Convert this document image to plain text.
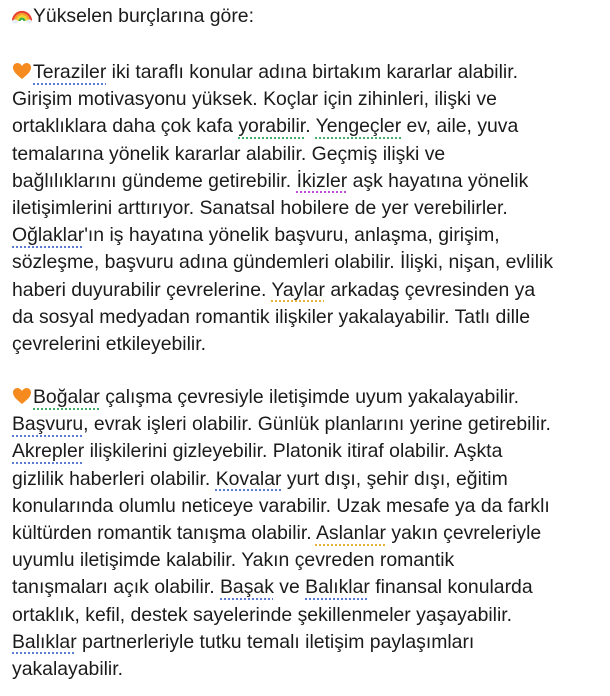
Yükselen burçlarına göre:
Teraziler iki taraflı konular adına birtakım kararlar alabilir.
Girişim motivasyonu yüksek. Koçlar için zihinleri, ilişki ve
ortaklıklara daha çok kafa yorabilir. Yengeçler ev, aile, yuva
temalarına yönelik kararlar alabilir. Geçmiş ilişki ve
bağlılıklarını gündeme getirebilir. İkizler aşk hayatına yönelik
iletişimlerini arttırıyor. Sanatsal hobilere de yer verebilirler.
Oğlaklar'ın iş hayatına yönelik başvuru, anlaşma, girişim,
sözleşme, başvuru adına gündemleri olabilir. İlişki, nişan, evlilik
haberi duyurabilir çevrelerine. Yaylar arkadaş çevresinden ya
da sosyal medyadan romantik ilişkiler yakalayabilir. Tatlı dille
çevrelerini etkileyebilir.
Boğalar çalışma çevresiyle iletişimde uyum yakalayabilir.
Başvuru, evrak işleri olabilir. Günlük planlarını yerine getirebilir.
Akrepler ilişkilerini gizleyebilir. Platonik itiraf olabilir. Aşkta
gizlilik haberleri olabilir. Kovalar yurt dışı, şehir dışı, eğitim
konularında olumlu neticeye varabilir. Uzak mesafe ya da farklı
kültürden romantik tanışma olabilir. Aslanlar yakın çevreleriyle
uyumlu iletişimde kalabilir. Yakın çevreden romantik
tanışmaları açık olabilir. Başak ve Balıklar finansal konularda
ortaklık, kefil, destek sayelerinde şekillenmeler yaşayabilir.
Balıklar partnerleriyle tutku temalı iletişim paylaşımları
yakalayabilir.
